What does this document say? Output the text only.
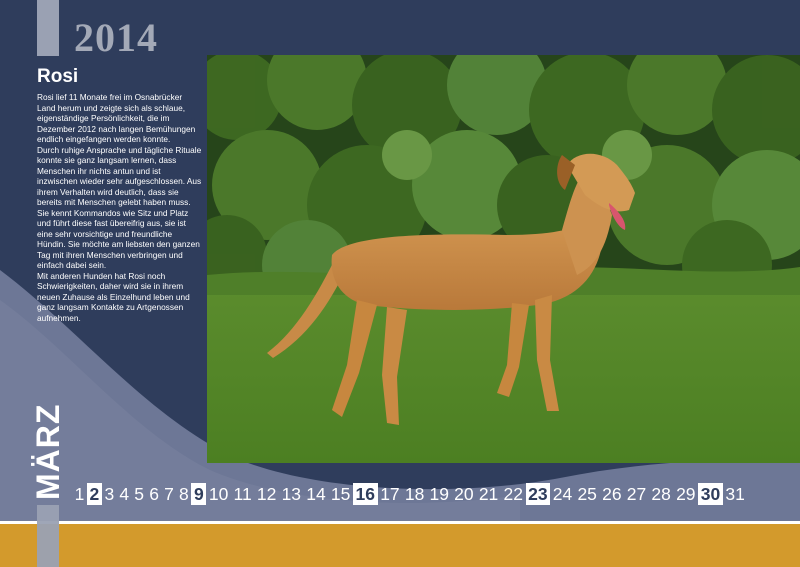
2014
Rosi

Rosi lief 11 Monate frei im Osnabrücker Land herum und zeigte sich als schlaue, eigenständige Persönlichkeit, die im Dezember 2012 nach langen Bemühungen endlich eingefangen werden konnte.

Durch ruhige Ansprache und tägliche Rituale konnte sie ganz langsam lernen, dass Menschen ihr nichts antun und ist inzwischen wieder sehr aufgeschlossen. Aus ihrem Verhalten wird deutlich, dass sie bereits mit Menschen gelebt haben muss. Sie kennt Kommandos wie Sitz und Platz und führt diese fast übereifrig aus, sie ist eine sehr vorsichtige und freundliche Hündin. Sie möchte am liebsten den ganzen Tag mit ihren Menschen verbringen und einfach dabei sein.

Mit anderen Hunden hat Rosi noch Schwierigkeiten, daher wird sie in ihrem neuen Zuhause als Einzelhund leben und ganz langsam Kontakte zu Artgenossen aufnehmen.

MÄRZ 1 2 3 4 5 6 7 8 9 10 11 12 13 14 15 16 17 18 19 20 21 22 23 24 25 26 27 28 29 30 31
